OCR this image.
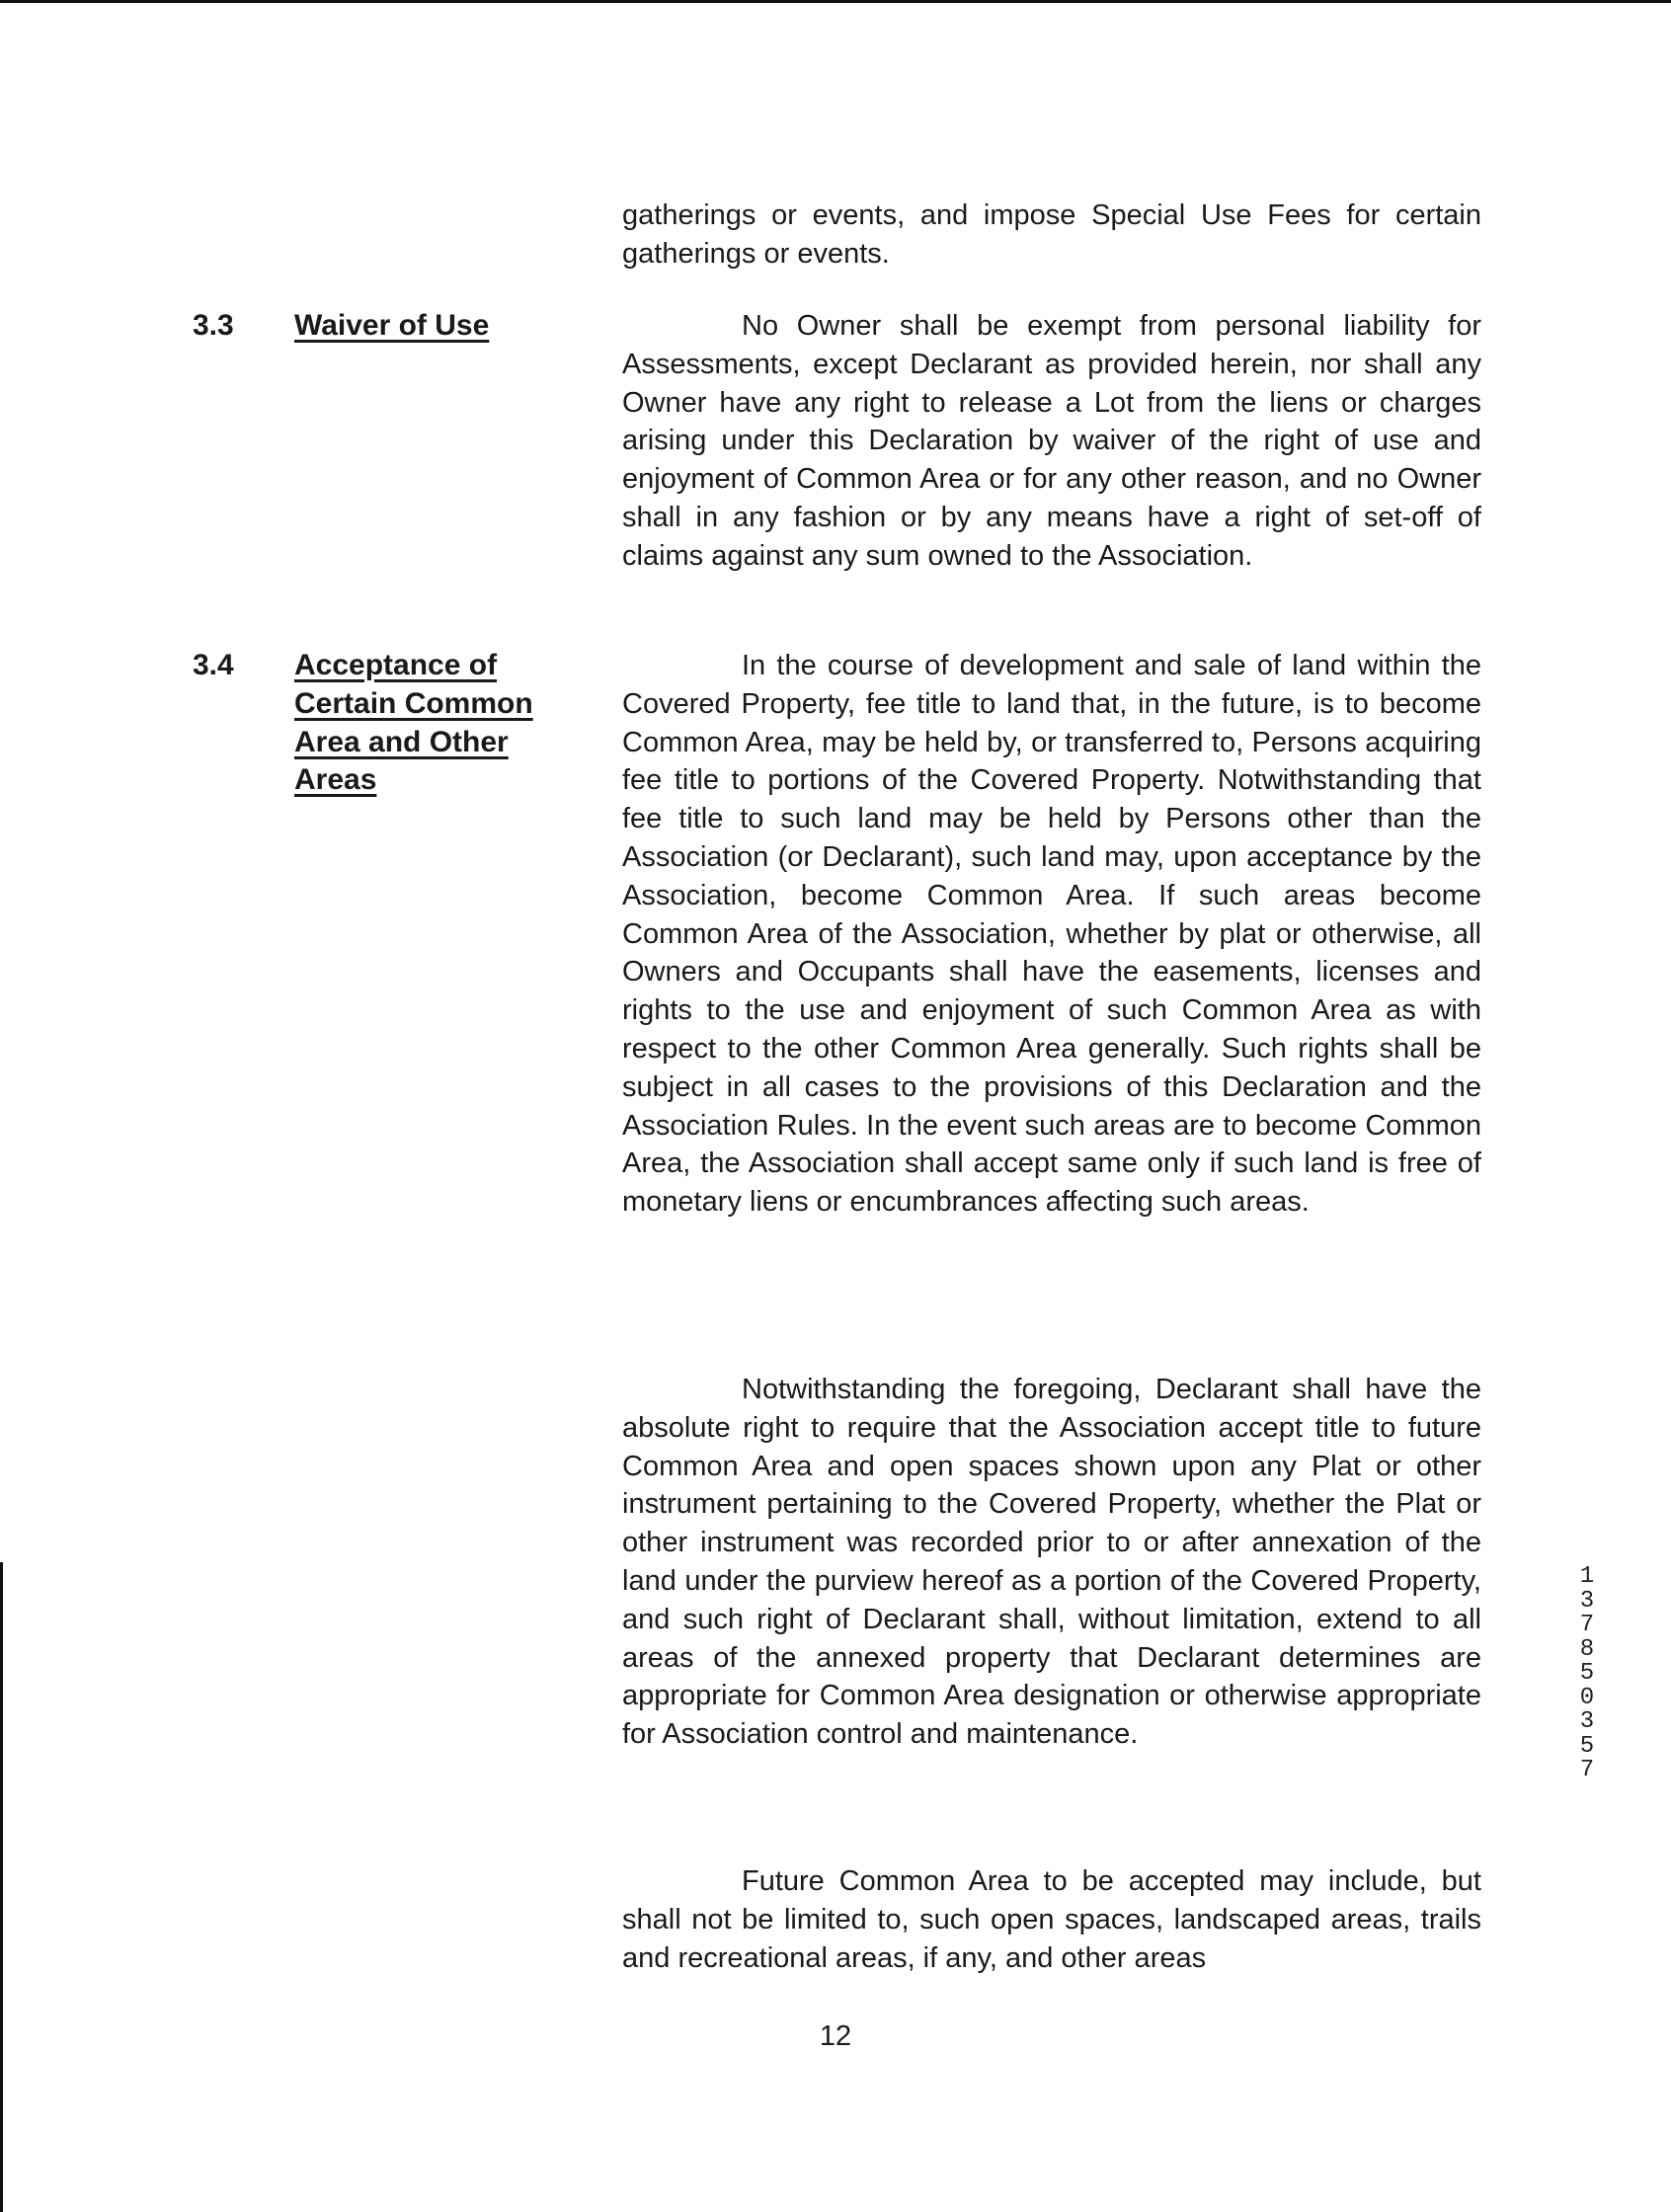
gatherings or events, and impose Special Use Fees for certain gatherings or events.

3.3 Waiver of Use	No Owner shall be exempt from personal liability for Assessments, except Declarant as provided herein, nor shall any Owner have any right to release a Lot from the liens or charges arising under this Declaration by waiver of the right of use and enjoyment of Common Area or for any other reason, and no Owner shall in any fashion or by any means have a right of set-off of claims against any sum owned to the Association.

3.4 Acceptance of
Certain Common
Area and Other
Areas

In the course of development and sale of land within the Covered Property, fee title to land that, in the future, is to become Common Area, may be held by, or transferred to, Persons acquiring fee title to portions of the Covered Property. Notwithstanding that fee title to such land may be held by Persons other than the Association (or Declarant), such land may, upon acceptance by the Association, become Common Area. If such areas become Common Area of the Association, whether by plat or otherwise, all Owners and Occupants shall have the easements, licenses and rights to the use and enjoyment of such Common Area as with respect to the other Common Area generally. Such rights shall be subject in all cases to the provisions of this Declaration and the Association Rules. In the event such areas are to become Common Area, the Association shall accept same only if such land is free of monetary liens or encumbrances affecting such areas.

Notwithstanding the foregoing, Declarant shall have the absolute right to require that the Association accept title to future Common Area and open spaces shown upon any Plat or other instrument pertaining to the Covered Property, whether the Plat or other instrument was recorded prior to or after annexation of the land under the purview hereof as a portion of the Covered Property, and such right of Declarant shall, without limitation, extend to all areas of the annexed property that Declarant determines are appropriate for Common Area designation or otherwise appropriate for Association control and maintenance.

Future Common Area to be accepted may include, but shall not be limited to, such open spaces, landscaped areas, trails and recreational areas, if any, and other areas

12
13785 0357
